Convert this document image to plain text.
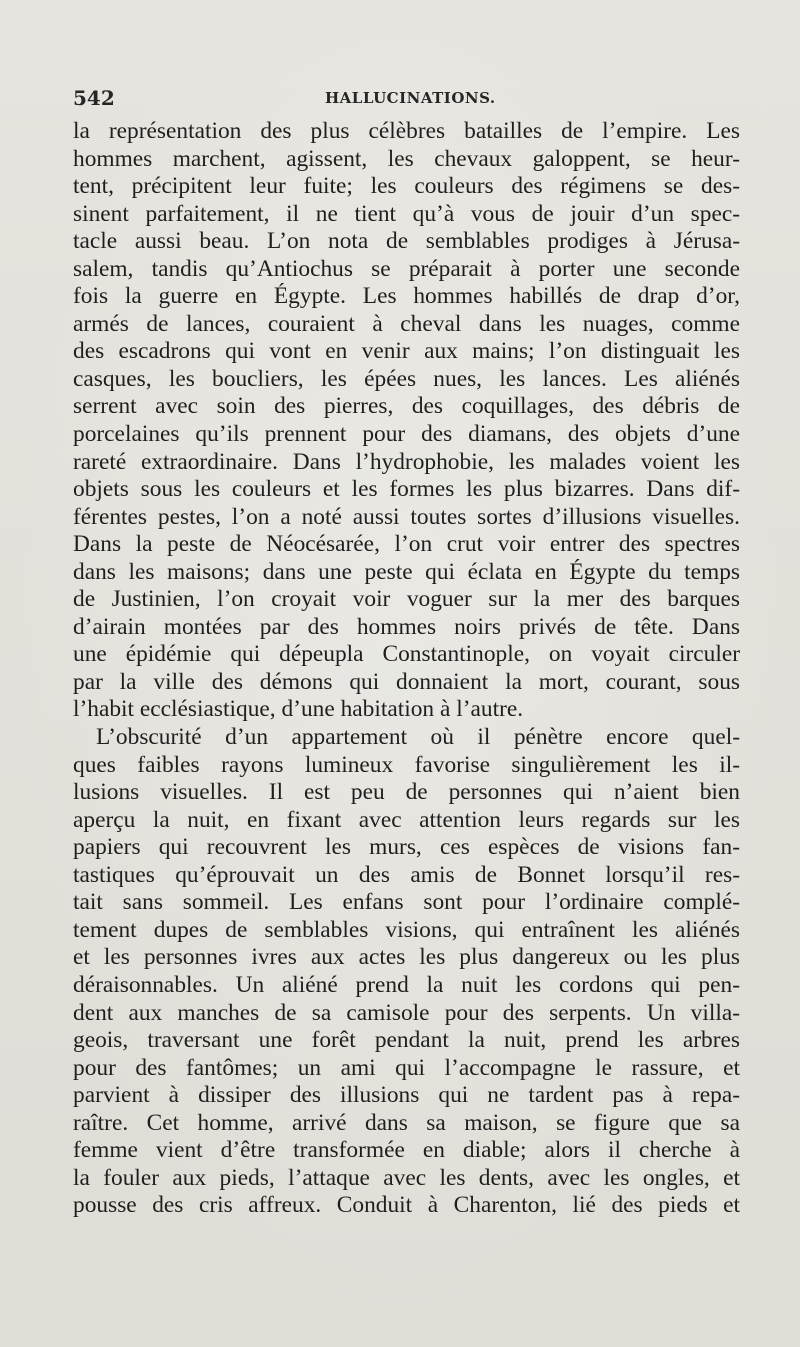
542	HALLUCINATIONS.
la représentation des plus célèbres batailles de l’empire. Les
hommes marchent, agissent, les chevaux galoppent, se heur-
tent, précipitent leur fuite; les couleurs des régimens se des-
sinent parfaitement, il ne tient qu’à vous de jouir d’un spec-
tacle aussi beau. L’on nota de semblables prodiges à Jérusa-
salem, tandis qu’Antiochus se préparait à porter une seconde
fois la guerre en Égypte. Les hommes habillés de drap d’or,
armés de lances, couraient à cheval dans les nuages, comme
des escadrons qui vont en venir aux mains; l’on distinguait les
casques, les boucliers, les épées nues, les lances. Les aliénés
serrent avec soin des pierres, des coquillages, des débris de
porcelaines qu’ils prennent pour des diamans, des objets d’une
rareté extraordinaire. Dans l’hydrophobie, les malades voient les
objets sous les couleurs et les formes les plus bizarres. Dans dif-
férentes pestes, l’on a noté aussi toutes sortes d’illusions visuelles.
Dans la peste de Néocésarée, l’on crut voir entrer des spectres
dans les maisons; dans une peste qui éclata en Égypte du temps
de Justinien, l’on croyait voir voguer sur la mer des barques
d’airain montées par des hommes noirs privés de tête. Dans
une épidémie qui dépeupla Constantinople, on voyait circuler
par la ville des démons qui donnaient la mort, courant, sous
l’habit ecclésiastique, d’une habitation à l’autre.
L’obscurité d’un appartement où il pénètre encore quel-
ques faibles rayons lumineux favorise singulièrement les il-
lusions visuelles. Il est peu de personnes qui n’aient bien
aperçu la nuit, en fixant avec attention leurs regards sur les
papiers qui recouvrent les murs, ces espèces de visions fan-
tastiques qu’éprouvait un des amis de Bonnet lorsqu’il res-
tait sans sommeil. Les enfans sont pour l’ordinaire complé-
tement dupes de semblables visions, qui entraînent les aliénés
et les personnes ivres aux actes les plus dangereux ou les plus
déraisonnables. Un aliéné prend la nuit les cordons qui pen-
dent aux manches de sa camisole pour des serpents. Un villa-
geois, traversant une forêt pendant la nuit, prend les arbres
pour des fantômes; un ami qui l’accompagne le rassure, et
parvient à dissiper des illusions qui ne tardent pas à repa-
raître. Cet homme, arrivé dans sa maison, se figure que sa
femme vient d’être transformée en diable; alors il cherche à
la fouler aux pieds, l’attaque avec les dents, avec les ongles, et
pousse des cris affreux. Conduit à Charenton, lié des pieds et
